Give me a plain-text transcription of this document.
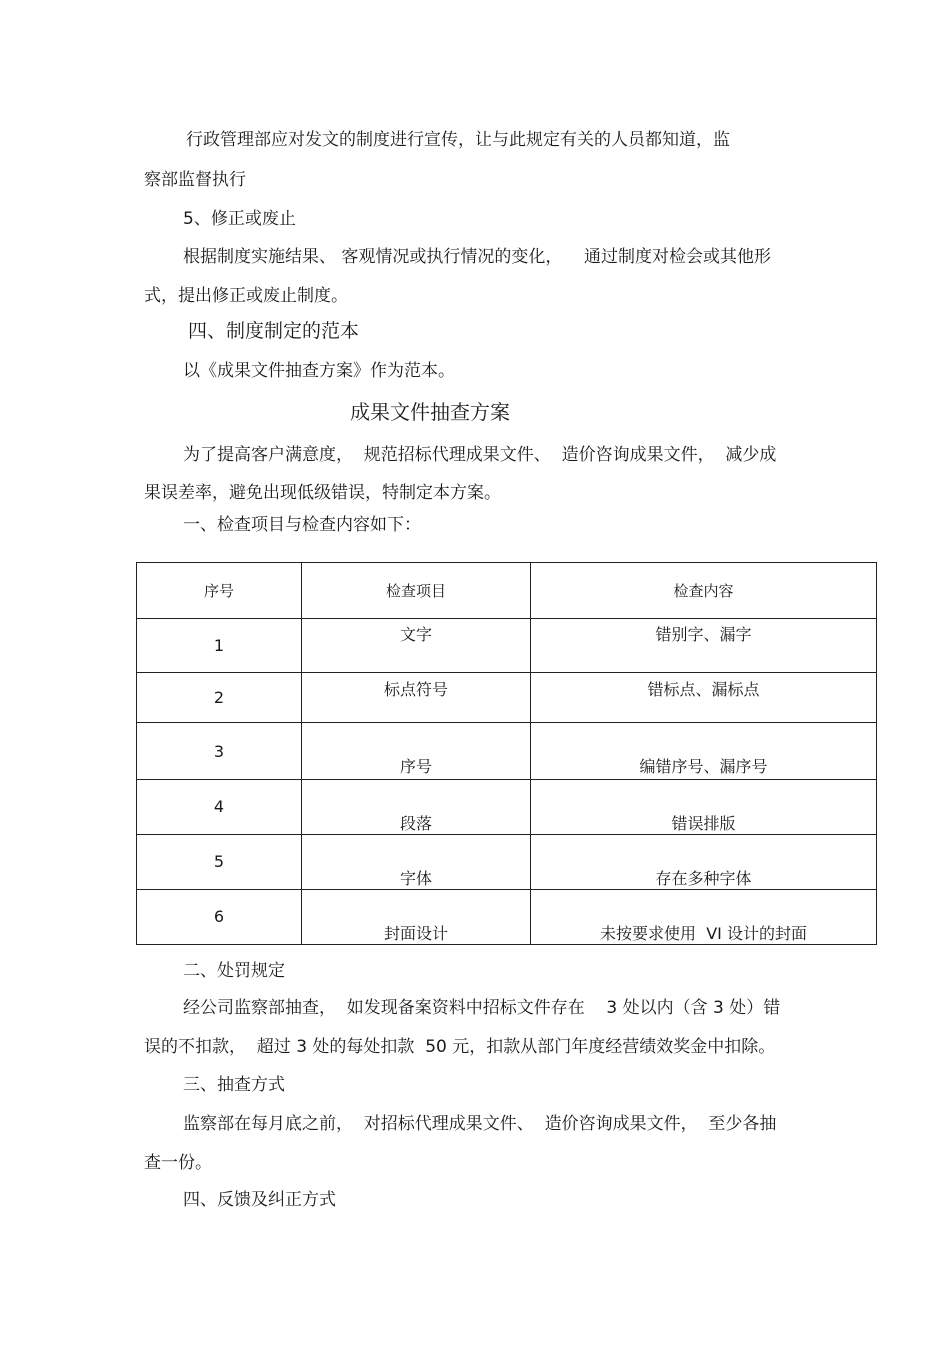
行政管理部应对发文的制度进行宣传，让与此规定有关的人员都知道，监
察部监督执行
5、修正或废止
根据制度实施结果、 客观情况或执行情况的变化，    通过制度对检会或其他形
式，提出修正或废止制度。
四、制度制定的范本
以《成果文件抽查方案》作为范本。
成果文件抽查方案
为了提高客户满意度，  规范招标代理成果文件、  造价咨询成果文件，  减少成
果误差率，避免出现低级错误，特制定本方案。
一、检查项目与检查内容如下：
序号	检查项目	检查内容

1	文字	错别字、漏字

2	标点符号	错标点、漏标点

3	序号	编错序号、漏序号

4	段落	错误排版

5	字体	存在多种字体

6	封面设计	未按要求使用  VI 设计的封面
二、处罚规定
经公司监察部抽查，  如发现备案资料中招标文件存在    3 处以内（含 3 处）错
误的不扣款，  超过 3 处的每处扣款  50 元，扣款从部门年度经营绩效奖金中扣除。
三、抽查方式
监察部在每月底之前，  对招标代理成果文件、  造价咨询成果文件，  至少各抽
查一份。
四、反馈及纠正方式
